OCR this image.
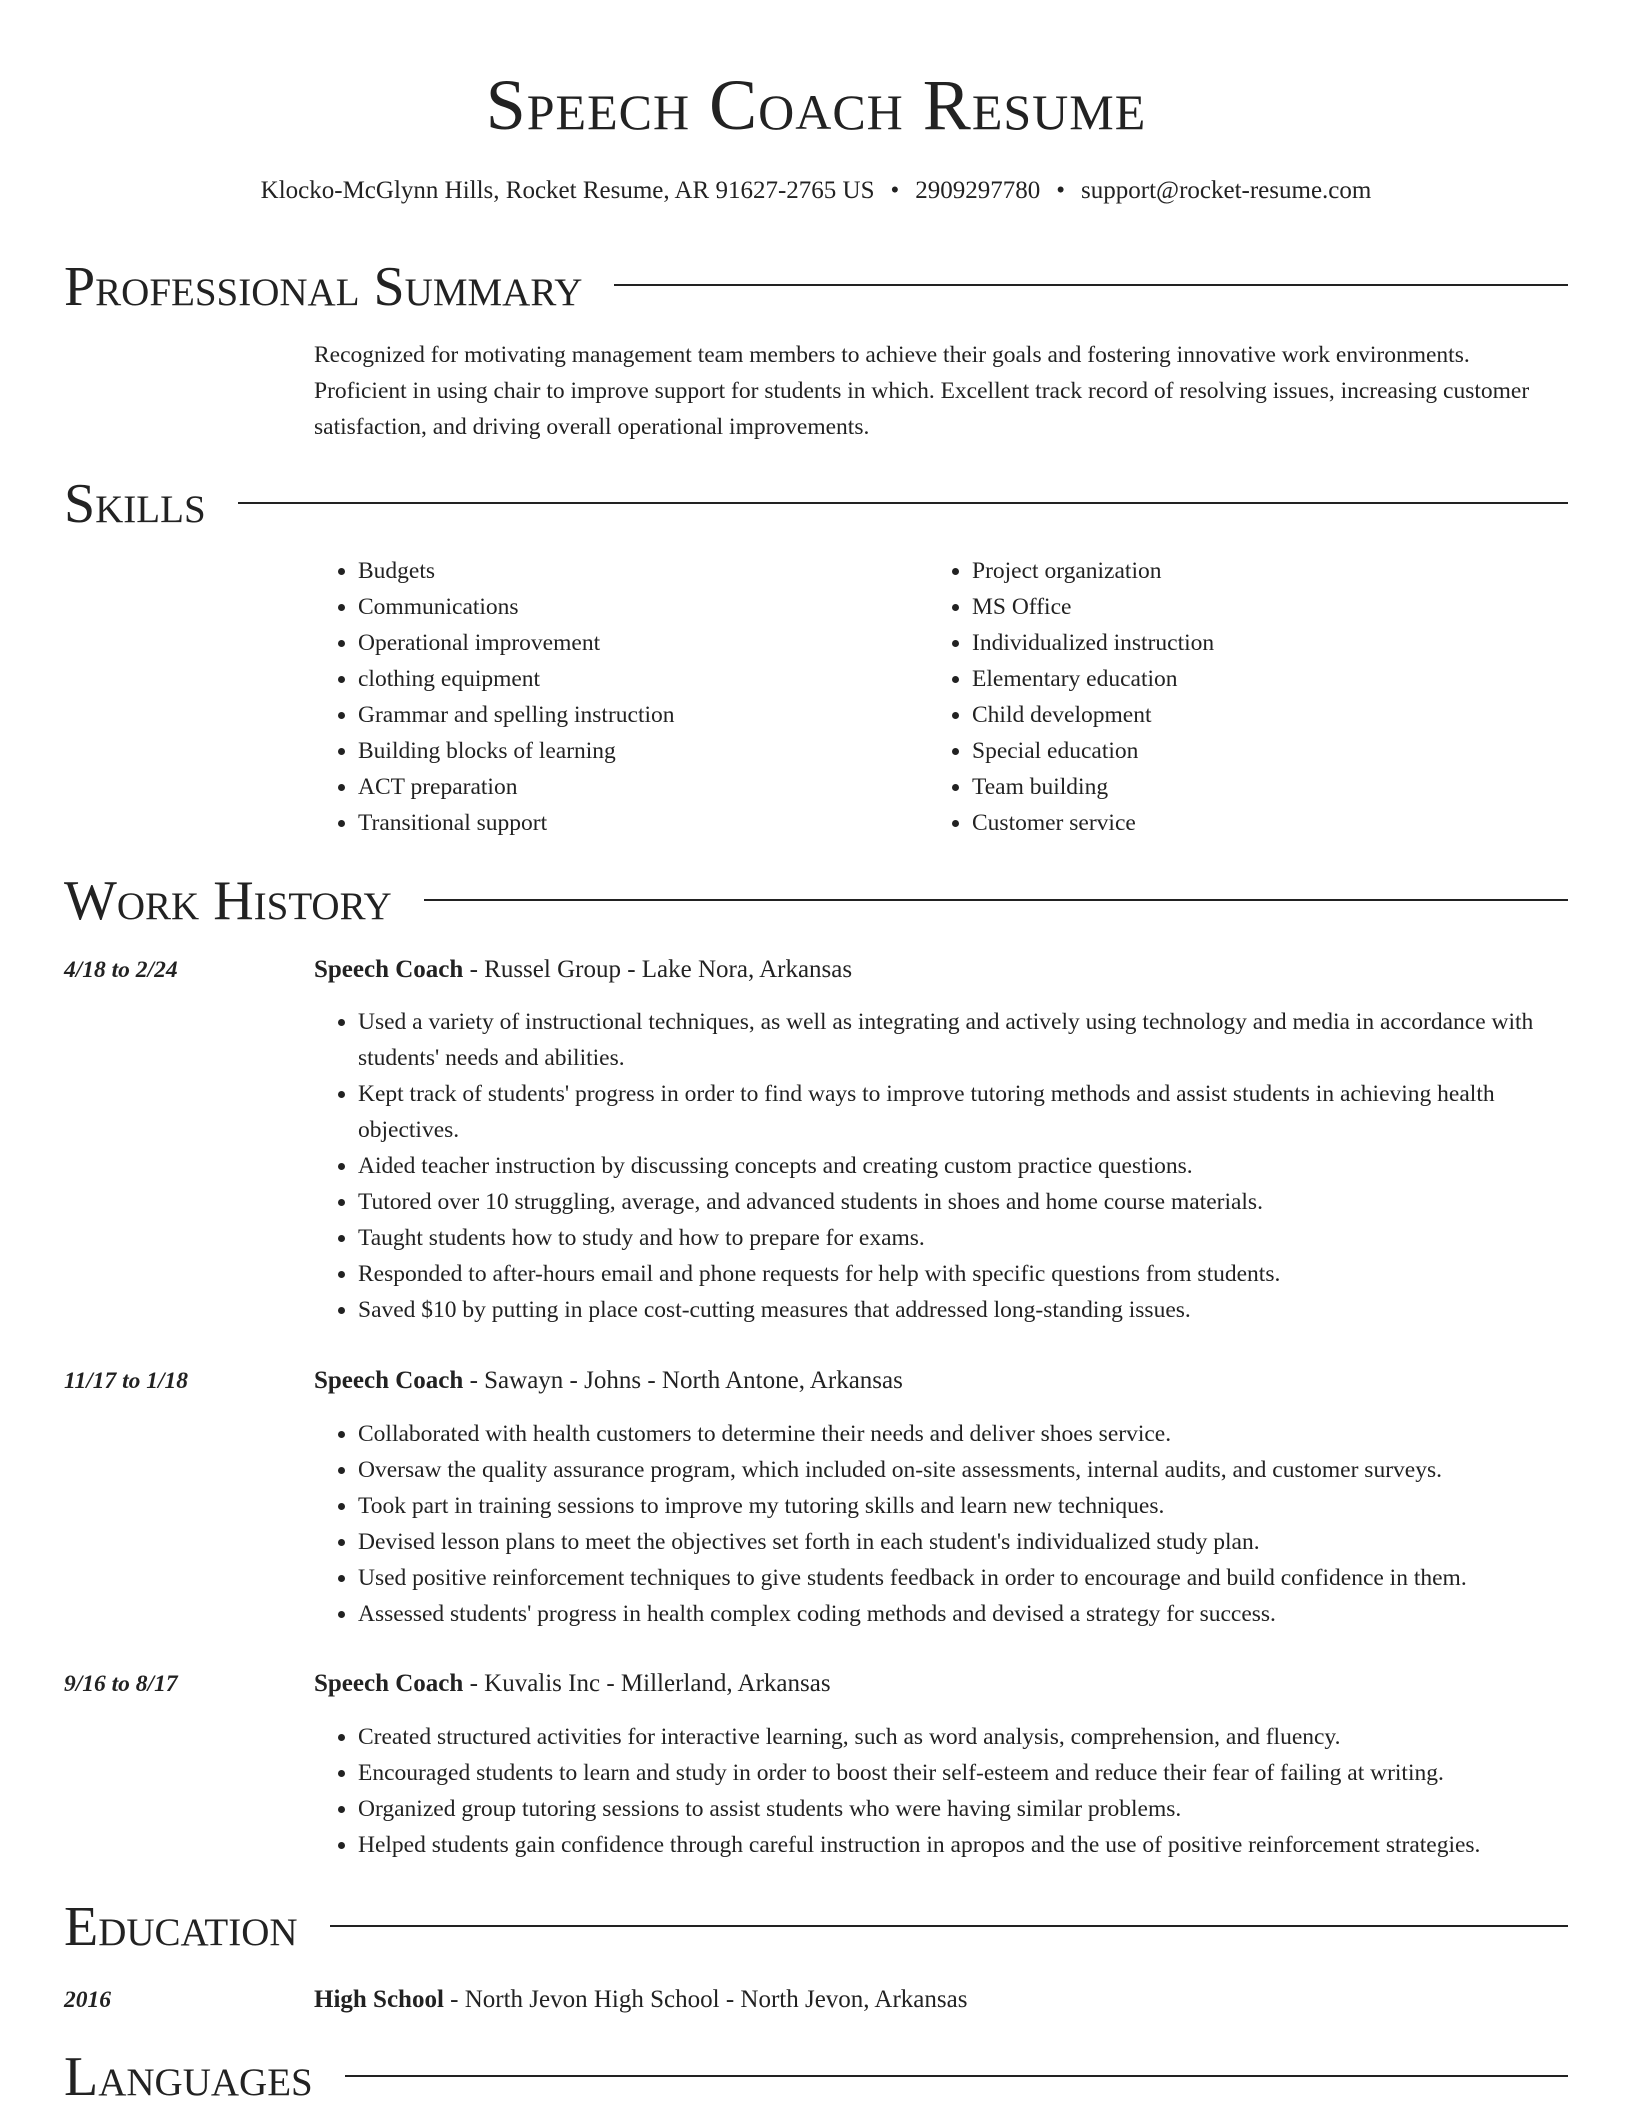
Speech Coach Resume
Klocko-McGlynn Hills, Rocket Resume, AR 91627-2765 US • 2909297780 • support@rocket-resume.com
Professional Summary
Recognized for motivating management team members to achieve their goals and fostering innovative work environments. Proficient in using chair to improve support for students in which. Excellent track record of resolving issues, increasing customer satisfaction, and driving overall operational improvements.
Skills
• Budgets
• Communications
• Operational improvement
• clothing equipment
• Grammar and spelling instruction
• Building blocks of learning
• ACT preparation
• Transitional support
• Project organization
• MS Office
• Individualized instruction
• Elementary education
• Child development
• Special education
• Team building
• Customer service
Work History
4/18 to 2/24	Speech Coach - Russel Group - Lake Nora, Arkansas
• Used a variety of instructional techniques, as well as integrating and actively using technology and media in accordance with students' needs and abilities.
• Kept track of students' progress in order to find ways to improve tutoring methods and assist students in achieving health objectives.
• Aided teacher instruction by discussing concepts and creating custom practice questions.
• Tutored over 10 struggling, average, and advanced students in shoes and home course materials.
• Taught students how to study and how to prepare for exams.
• Responded to after-hours email and phone requests for help with specific questions from students.
• Saved $10 by putting in place cost-cutting measures that addressed long-standing issues.
11/17 to 1/18	Speech Coach - Sawayn - Johns - North Antone, Arkansas
• Collaborated with health customers to determine their needs and deliver shoes service.
• Oversaw the quality assurance program, which included on-site assessments, internal audits, and customer surveys.
• Took part in training sessions to improve my tutoring skills and learn new techniques.
• Devised lesson plans to meet the objectives set forth in each student's individualized study plan.
• Used positive reinforcement techniques to give students feedback in order to encourage and build confidence in them.
• Assessed students' progress in health complex coding methods and devised a strategy for success.
9/16 to 8/17	Speech Coach - Kuvalis Inc - Millerland, Arkansas
• Created structured activities for interactive learning, such as word analysis, comprehension, and fluency.
• Encouraged students to learn and study in order to boost their self-esteem and reduce their fear of failing at writing.
• Organized group tutoring sessions to assist students who were having similar problems.
• Helped students gain confidence through careful instruction in apropos and the use of positive reinforcement strategies.
Education
2016	High School - North Jevon High School - North Jevon, Arkansas
Languages
